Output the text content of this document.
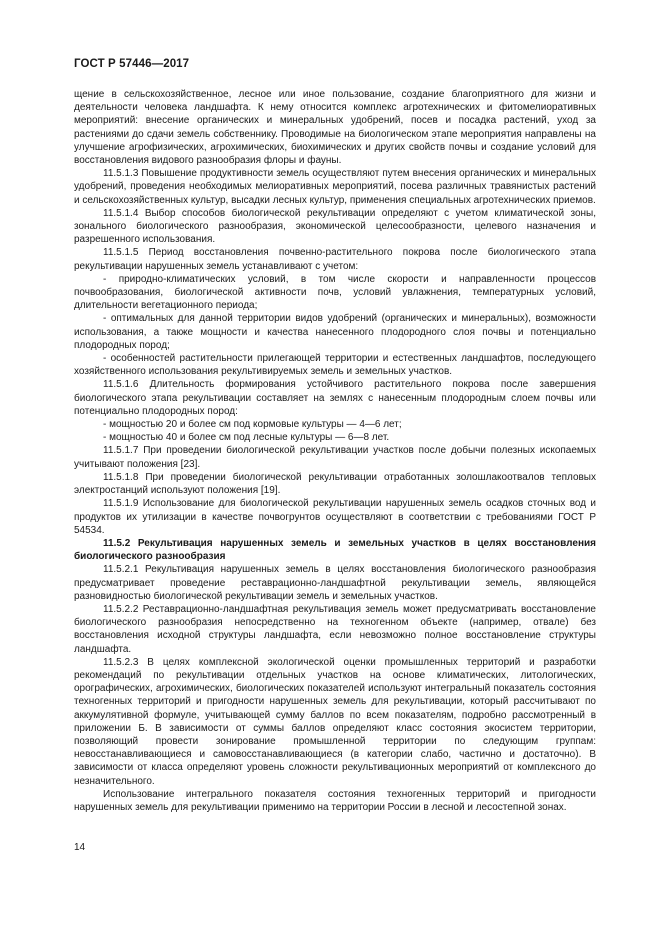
ГОСТ Р 57446—2017

щение в сельскохозяйственное, лесное или иное пользование, создание благоприятного для жизни и деятельности человека ландшафта. К нему относится комплекс агротехнических и фитомелиоративных мероприятий: внесение органических и минеральных удобрений, посев и посадка растений, уход за растениями до сдачи земель собственнику. Проводимые на биологическом этапе мероприятия направлены на улучшение агрофизических, агрохимических, биохимических и других свойств почвы и создание условий для восстановления видового разнообразия флоры и фауны.

11.5.1.3 Повышение продуктивности земель осуществляют путем внесения органических и минеральных удобрений, проведения необходимых мелиоративных мероприятий, посева различных травянистых растений и сельскохозяйственных культур, высадки лесных культур, применения специальных агротехнических приемов.

11.5.1.4 Выбор способов биологической рекультивации определяют с учетом климатической зоны, зонального биологического разнообразия, экономической целесообразности, целевого назначения и разрешенного использования.

11.5.1.5 Период восстановления почвенно-растительного покрова после биологического этапа рекультивации нарушенных земель устанавливают с учетом:

- природно-климатических условий, в том числе скорости и направленности процессов почвообразования, биологической активности почв, условий увлажнения, температурных условий, длительности вегетационного периода;

- оптимальных для данной территории видов удобрений (органических и минеральных), возможности использования, а также мощности и качества нанесенного плодородного слоя почвы и потенциально плодородных пород;

- особенностей растительности прилегающей территории и естественных ландшафтов, последующего хозяйственного использования рекультивируемых земель и земельных участков.

11.5.1.6 Длительность формирования устойчивого растительного покрова после завершения биологического этапа рекультивации составляет на землях с нанесенным плодородным слоем почвы или потенциально плодородных пород:

- мощностью 20 и более см под кормовые культуры — 4—6 лет;

- мощностью 40 и более см под лесные культуры — 6—8 лет.

11.5.1.7 При проведении биологической рекультивации участков после добычи полезных ископаемых учитывают положения [23].

11.5.1.8 При проведении биологической рекультивации отработанных золошлакоотвалов тепловых электростанций используют положения [19].

11.5.1.9 Использование для биологической рекультивации нарушенных земель осадков сточных вод и продуктов их утилизации в качестве почвогрунтов осуществляют в соответствии с требованиями ГОСТ Р 54534.

11.5.2 Рекультивация нарушенных земель и земельных участков в целях восстановления биологического разнообразия

11.5.2.1 Рекультивация нарушенных земель в целях восстановления биологического разнообразия предусматривает проведение реставрационно-ландшафтной рекультивации земель, являющейся разновидностью биологической рекультивации земель и земельных участков.

11.5.2.2 Реставрационно-ландшафтная рекультивация земель может предусматривать восстановление биологического разнообразия непосредственно на техногенном объекте (например, отвале) без восстановления исходной структуры ландшафта, если невозможно полное восстановление структуры ландшафта.

11.5.2.3 В целях комплексной экологической оценки промышленных территорий и разработки рекомендаций по рекультивации отдельных участков на основе климатических, литологических, орографических, агрохимических, биологических показателей используют интегральный показатель состояния техногенных территорий и пригодности нарушенных земель для рекультивации, который рассчитывают по аккумулятивной формуле, учитывающей сумму баллов по всем показателям, подробно рассмотренный в приложении Б. В зависимости от суммы баллов определяют класс состояния экосистем территории, позволяющий провести зонирование промышленной территории по следующим группам: невосстанавливающиеся и самовосстанавливающиеся (в категории слабо, частично и достаточно). В зависимости от класса определяют уровень сложности рекультивационных мероприятий от комплексного до незначительного.

Использование интегрального показателя состояния техногенных территорий и пригодности нарушенных земель для рекультивации применимо на территории России в лесной и лесостепной зонах.

14
